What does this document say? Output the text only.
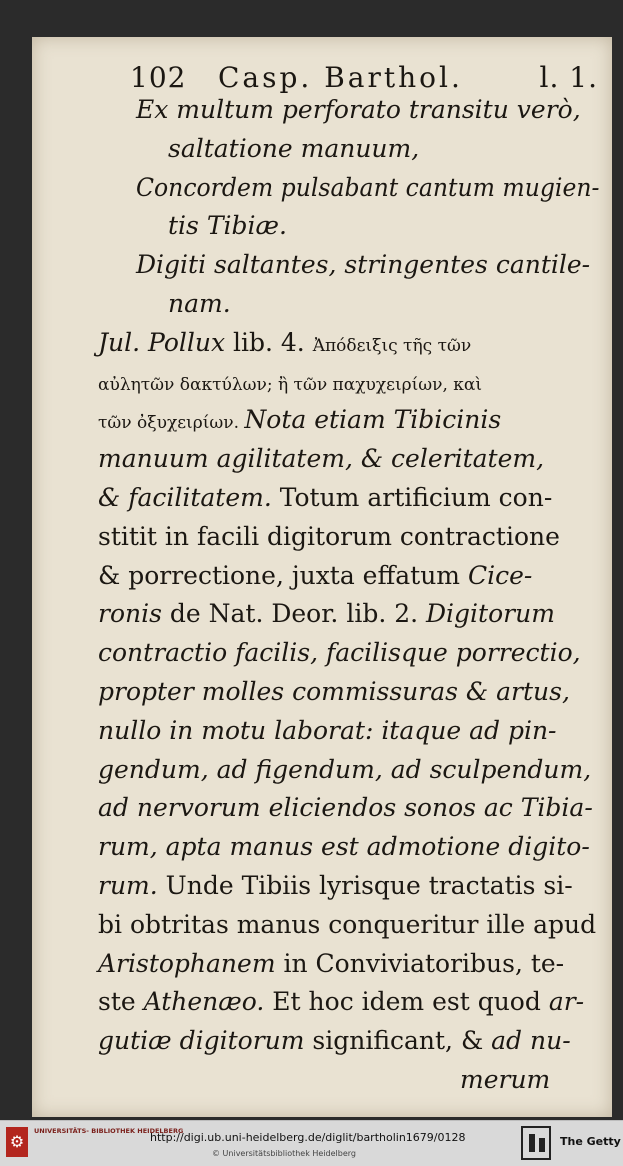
102 Casp. Barthol.	l. 1.
Ex multum perforato transitu verò,
saltatione manuum,
Concordem pulsabant cantum mugien-
tis Tibiæ.
Digiti saltantes, stringentes cantile-
nam.
Jul. Pollux lib. 4. Ἀπόδειξις τῆς τῶν
αὐλητῶν δακτύλων; ἢ τῶν παχυχειρίων, καὶ
τῶν ὀξυχειρίων. Nota etiam Tibicinis
manuum agilitatem, & celeritatem,
& facilitatem. Totum artificium con-
stitit in facili digitorum contractione
& porrectione, juxta effatum Cice-
ronis de Nat. Deor. lib. 2. Digitorum
contractio facilis, facilisque porrectio,
propter molles commissuras & artus,
nullo in motu laborat: itaque ad pin-
gendum, ad figendum, ad sculpendum,
ad nervorum eliciendos sonos ac Tibia-
rum, apta manus est admotione digito-
rum. Unde Tibiis lyrisque tractatis si-
bi obtritas manus conqueritur ille apud
Aristophanem in Conviviatoribus, te-
ste Athenæo. Et hoc idem est quod ar-
gutiæ digitorum significant, & ad nu-
merum
⚙
UNIVERSITÄTS- BIBLIOTHEK HEIDELBERG
http://digi.ub.uni-heidelberg.de/diglit/bartholin1679/0128
© Universitätsbibliothek Heidelberg
The Getty
